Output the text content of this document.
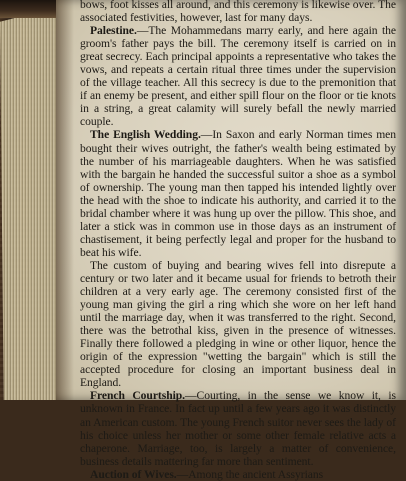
bows, foot kisses all around, and this ceremony is likewise over. The associated festivities, however, last for many days.

Palestine.—The Mohammedans marry early, and here again the groom's father pays the bill. The ceremony itself is carried on in great secrecy. Each principal appoints a representative who takes the vows, and repeats a certain ritual three times under the supervision of the village teacher. All this secrecy is due to the premonition that if an enemy be present, and either spill flour on the floor or tie knots in a string, a great calamity will surely befall the newly married couple.

The English Wedding.—In Saxon and early Norman times men bought their wives outright, the father's wealth being estimated by the number of his marriageable daughters. When he was satisfied with the bargain he handed the successful suitor a shoe as a symbol of ownership. The young man then tapped his intended lightly over the head with the shoe to indicate his authority, and carried it to the bridal chamber where it was hung up over the pillow. This shoe, and later a stick was in common use in those days as an instrument of chastisement, it being perfectly legal and proper for the husband to beat his wife.

The custom of buying and bearing wives fell into disrepute a century or two later and it became usual for friends to betroth their children at a very early age. The ceremony consisted first of the young man giving the girl a ring which she wore on her left hand until the marriage day, when it was transferred to the right. Second, there was the betrothal kiss, given in the presence of witnesses. Finally there followed a pledging in wine or other liquor, hence the origin of the expression "wetting the bargain" which is still the accepted procedure for closing an important business deal in England.

French Courtship.—Courting, in the sense we know it, is unknown in France. In fact up until a few years ago it was distinctly an American custom. The young French suitor never sees the lady of his choice unless her mother or some other female relative acts a chaperone. Marriage, too, is largely a matter of convenience, business details mattering far more than sentiment.

Auction of Wives.—Among the ancient Assyrians
